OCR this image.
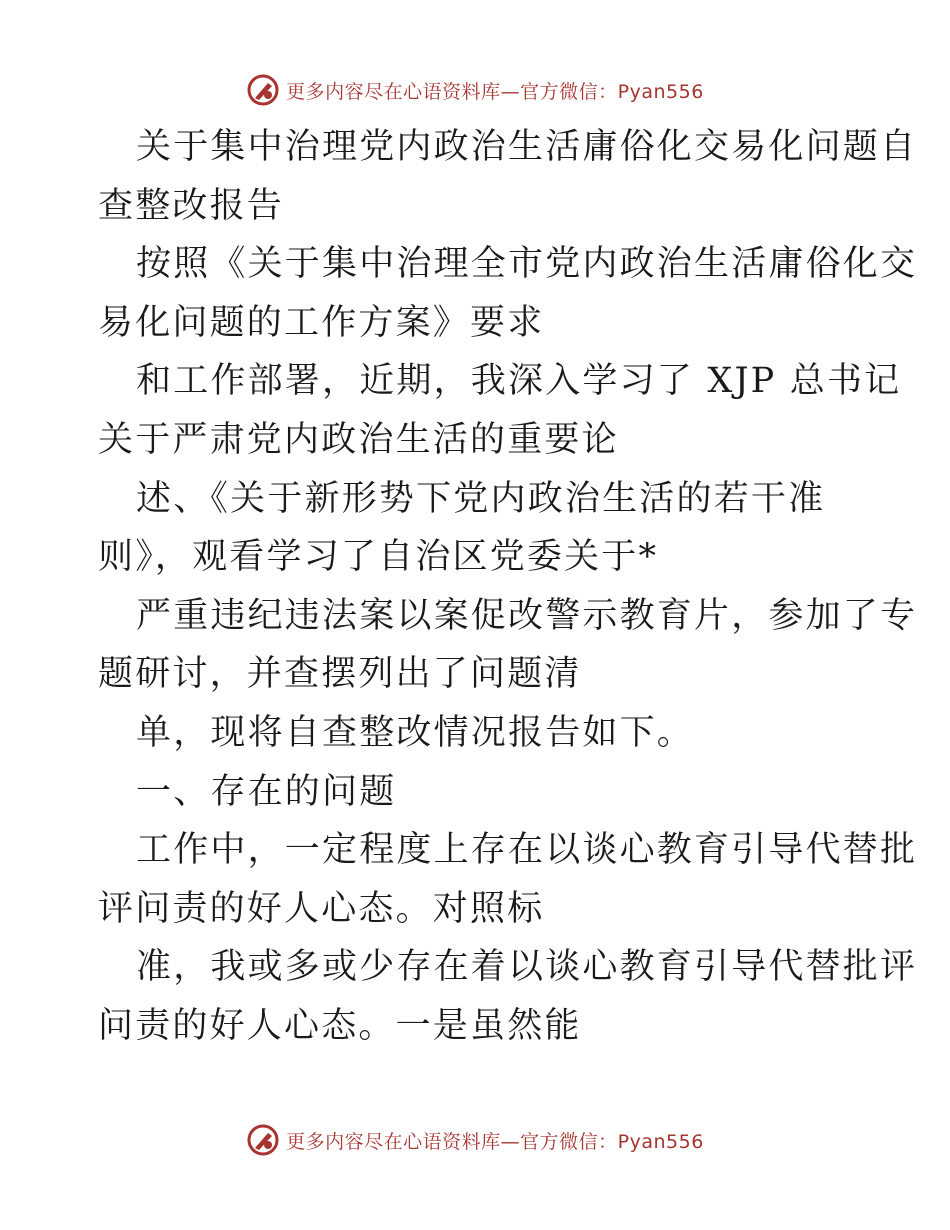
更多内容尽在心语资料库—官方微信：Pyan556
关于集中治理党内政治生活庸俗化交易化问题自
查整改报告
按照《关于集中治理全市党内政治生活庸俗化交
易化问题的工作方案》要求
和工作部署，近期，我深入学习了 XJP 总书记
关于严肃党内政治生活的重要论
述、《关于新形势下党内政治生活的若干准
则》，观看学习了自治区党委关于*
严重违纪违法案以案促改警示教育片，参加了专
题研讨，并查摆列出了问题清
单，现将自查整改情况报告如下。
一、存在的问题
工作中，一定程度上存在以谈心教育引导代替批
评问责的好人心态。对照标
准，我或多或少存在着以谈心教育引导代替批评
问责的好人心态。一是虽然能
更多内容尽在心语资料库—官方微信：Pyan556
